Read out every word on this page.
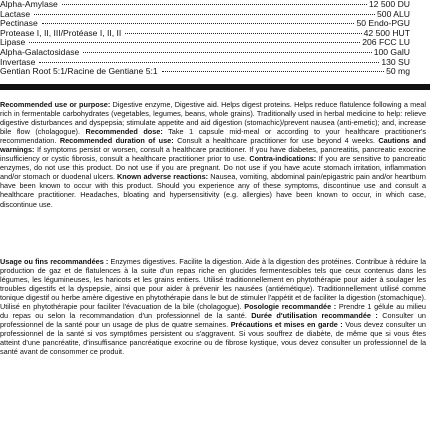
Alpha-Amylase	12 500 DU
Lactase	500 ALU
Pectinase	50 Endo-PGU
Protease I, II, III/Protéase I, II, II	42 500 HUT
Lipase	206 FCC LU
Alpha-Galactosidase	100 GalU
Invertase	130 SU
Gentian Root 5:1/Racine de Gentiane 5:1	50 mg
Recommended use or purpose: Digestive enzyme, Digestive aid. Helps digest proteins. Helps reduce flatulence following a meal rich in fermentable carbohydrates (vegetables, legumes, beans, whole grains). Traditionally used in herbal medicine to help: relieve digestive disturbances and dyspepsia; stimulate appetite and aid digestion (stomachic)/prevent nausea (anti-emetic); and, increase bile flow (cholagogue). Recommended dose: Take 1 capsule mid-meal or according to your healthcare practitioner's recommendation. Recommended duration of use: Consult a healthcare practitioner for use beyond 4 weeks. Cautions and warnings: If symptoms persist or worsen, consult a healthcare practitioner. If you have diabetes, pancreatitis, pancreatic exocrine insufficiency or cystic fibrosis, consult a healthcare practitioner prior to use. Contra-indications: If you are sensitive to pancreatic enzymes, do not use this product. Do not use if you are pregnant. Do not use if you have acute stomach irritation, inflammation and/or stomach or duodenal ulcers. Known adverse reactions: Nausea, vomiting, abdominal pain/epigastric pain and/or heartburn have been known to occur with this product. Should you experience any of these symptoms, discontinue use and consult a healthcare practitioner. Headaches, bloating and hypersensitivity (e.g. allergies) have been known to occur, in which case, discontinue use.
Usage ou fins recommandées : Enzymes digestives. Facilite la digestion. Aide à la digestion des protéines. Contribue à réduire la production de gaz et de flatulences à la suite d'un repas riche en glucides fermentescibles tels que ceux contenus dans les légumes, les légumineuses, les haricots et les grains entiers. Utilisé traditionnellement en phytothérapie pour aider à soulager les troubles digestifs et la dyspepsie, ainsi que pour aider à prévenir les nausées (antiémétique). Traditionnellement utilisé comme tonique digestif ou herbe amère digestive en phytothérapie dans le but de stimuler l'appétit et de faciliter la digestion (stomachique). Utilisé en phytothérapie pour faciliter l'évacuation de la bile (cholagogue). Posologie recommandée : Prendre 1 gélule au milieu du repas ou selon la recommandation d'un professionnel de la santé. Durée d'utilisation recommandée : Consulter un professionnel de la santé pour un usage de plus de quatre semaines. Précautions et mises en garde : Vous devez consulter un professionnel de la santé si vos symptômes persistent ou s'aggravent. Si vous souffrez de diabète, de même que si vous êtes atteint d'une pancréatite, d'insuffisance pancréatique exocrine ou de fibrose kystique, vous devez consulter un professionnel de la santé avant de consommer ce produit.
